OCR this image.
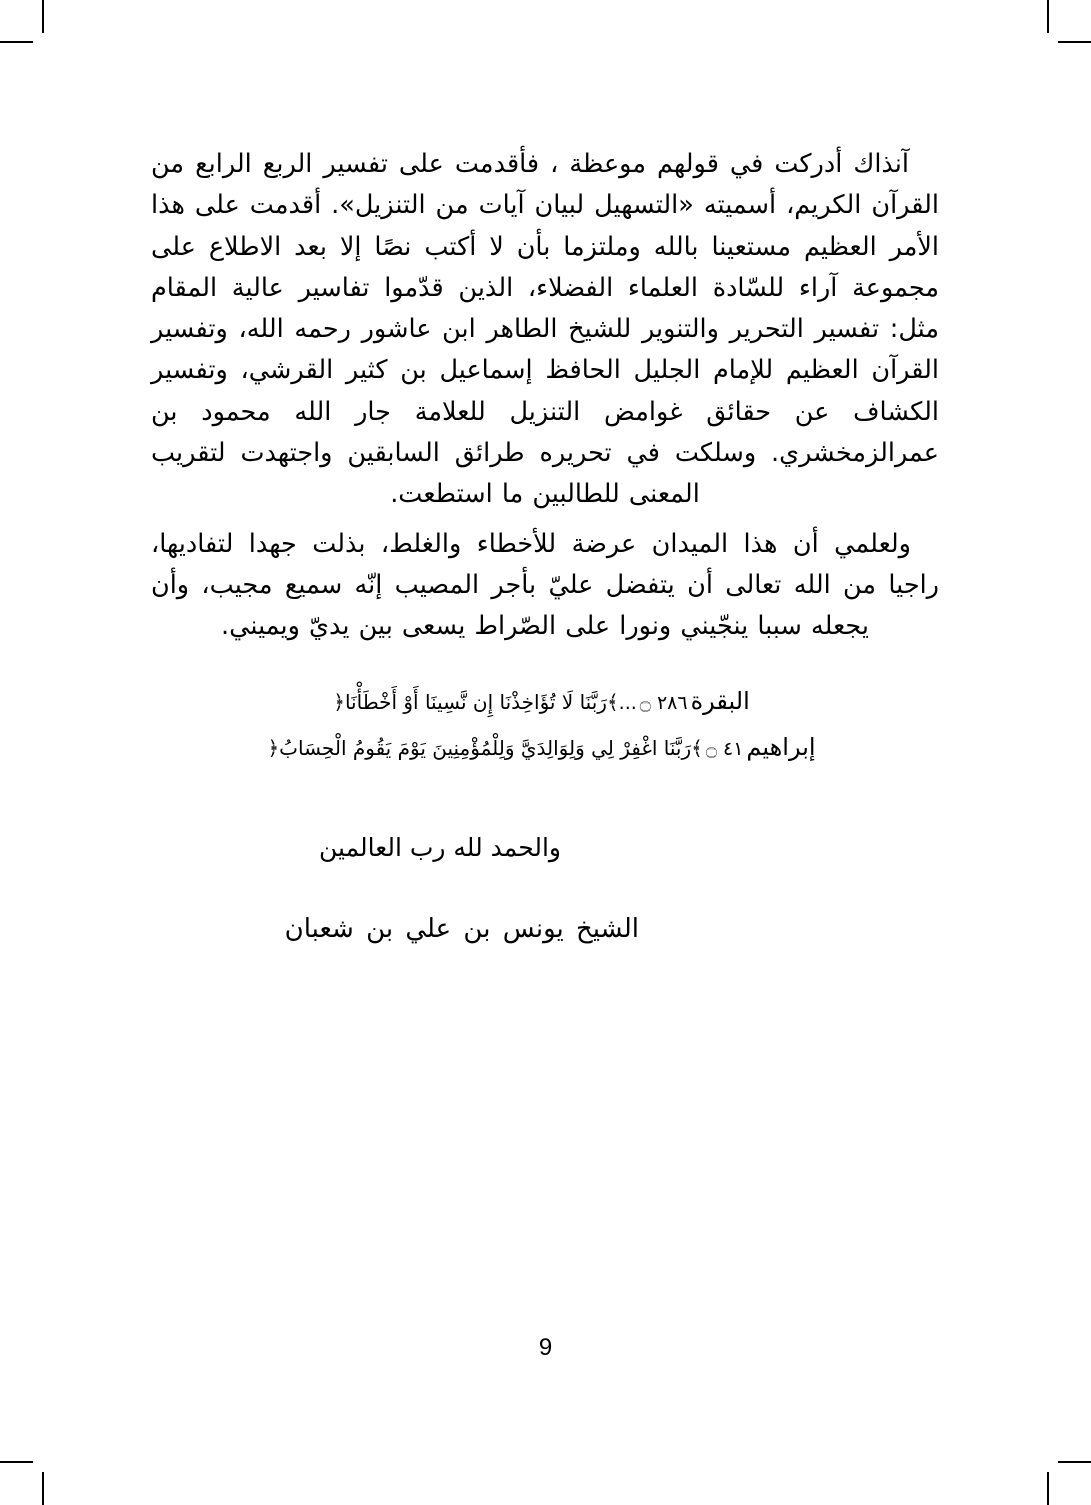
آنذاك أدركت في قولهم موعظة ، فأقدمت على تفسير الربع الرابع من القرآن الكريم، أسميته «التسهيل لبيان آيات من التنزيل». أقدمت على هذا الأمر العظيم مستعينا بالله وملتزما بأن لا أكتب نصًا إلا بعد الاطلاع على مجموعة آراء للسّادة العلماء الفضلاء، الذين قدّموا تفاسير عالية المقام مثل: تفسير التحرير والتنوير للشيخ الطاهر ابن عاشور رحمه الله، وتفسير القرآن العظيم للإمام الجليل الحافظ إسماعيل بن كثير القرشي، وتفسير الكشاف عن حقائق غوامض التنزيل للعلامة جار الله محمود بن عمرالزمخشري. وسلكت في تحريره طرائق السابقين واجتهدت لتقريب المعنى للطالبين ما استطعت.

ولعلمي أن هذا الميدان عرضة للأخطاء والغلط، بذلت جهدا لتفاديها، راجيا من الله تعالى أن يتفضل عليّ بأجر المصيب إنّه سميع مجيب، وأن يجعله سببا ينجّيني ونورا على الصّراط يسعى بين يديّ ويميني.

البقرة۝ ٢٨٦...﴾رَبَّنَا لَا تُؤَاخِذْنَا إِن نَّسِينَا أَوْ أَخْطَأْنَا﴿
إبراهيم۝ ٤١﴾رَبَّنَا اغْفِرْ لِي وَلِوَالِدَيَّ وَلِلْمُؤْمِنِينَ يَوْمَ يَقُومُ الْحِسَابُ﴿
والحمد لله رب العالمين
الشيخ يونس بن علي بن شعبان
9
